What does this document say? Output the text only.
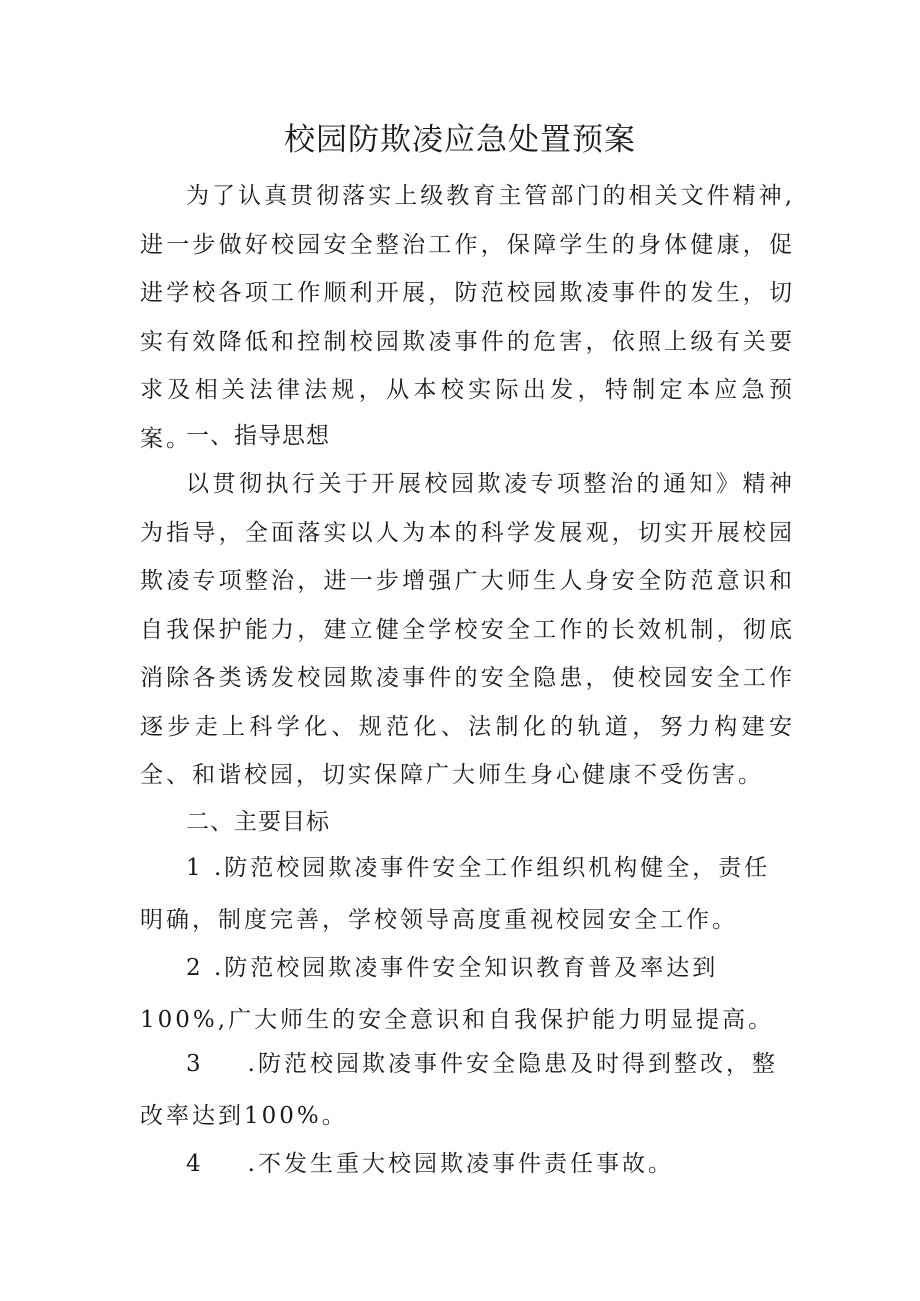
校园防欺凌应急处置预案

为了认真贯彻落实上级教育主管部门的相关文件精神,进一步做好校园安全整治工作，保障学生的身体健康，促进学校各项工作顺利开展，防范校园欺凌事件的发生，切实有效降低和控制校园欺凌事件的危害，依照上级有关要求及相关法律法规，从本校实际出发，特制定本应急预案。

一、指导思想

以贯彻执行关于开展校园欺凌专项整治的通知》精神为指导，全面落实以人为本的科学发展观，切实开展校园欺凌专项整治，进一步增强广大师生人身安全防范意识和自我保护能力，建立健全学校安全工作的长效机制，彻底消除各类诱发校园欺凌事件的安全隐患，使校园安全工作逐步走上科学化、规范化、法制化的轨道，努力构建安全、和谐校园，切实保障广大师生身心健康不受伤害。

二、主要目标
1 .防范校园欺凌事件安全工作组织机构健全，责任明确，制度完善，学校领导高度重视校园安全工作。
2 .防范校园欺凌事件安全知识教育普及率达到100%,广大师生的安全意识和自我保护能力明显提高。
3 .防范校园欺凌事件安全隐患及时得到整改，整改率达到100%。
4 .不发生重大校园欺凌事件责任事故。
